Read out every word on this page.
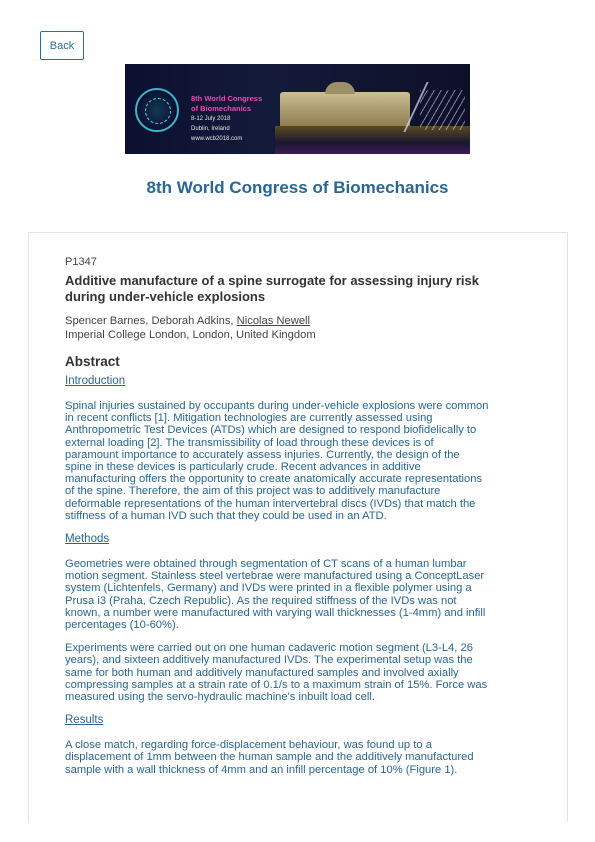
Back
8th World Congress
of Biomechanics
8-12 July 2018
Dublin, Ireland
www.wcb2018.com
8th World Congress of Biomechanics
P1347
Additive manufacture of a spine surrogate for assessing injury risk
during under-vehicle explosions
Spencer Barnes, Deborah Adkins, Nicolas Newell
Imperial College London, London, United Kingdom
Abstract
Introduction
Spinal injuries sustained by occupants during under-vehicle explosions were common
in recent conflicts [1]. Mitigation technologies are currently assessed using
Anthropometric Test Devices (ATDs) which are designed to respond biofidelically to
external loading [2]. The transmissibility of load through these devices is of
paramount importance to accurately assess injuries. Currently, the design of the
spine in these devices is particularly crude. Recent advances in additive
manufacturing offers the opportunity to create anatomically accurate representations
of the spine. Therefore, the aim of this project was to additively manufacture
deformable representations of the human intervertebral discs (IVDs) that match the
stiffness of a human IVD such that they could be used in an ATD.
Methods
Geometries were obtained through segmentation of CT scans of a human lumbar
motion segment. Stainless steel vertebrae were manufactured using a ConceptLaser
system (Lichtenfels, Germany) and IVDs were printed in a flexible polymer using a
Prusa i3 (Praha, Czech Republic). As the required stiffness of the IVDs was not
known, a number were manufactured with varying wall thicknesses (1-4mm) and infill
percentages (10-60%).
Experiments were carried out on one human cadaveric motion segment (L3-L4, 26
years), and sixteen additively manufactured IVDs. The experimental setup was the
same for both human and additively manufactured samples and involved axially
compressing samples at a strain rate of 0.1/s to a maximum strain of 15%. Force was
measured using the servo-hydraulic machine's inbuilt load cell.
Results
A close match, regarding force-displacement behaviour, was found up to a
displacement of 1mm between the human sample and the additively manufactured
sample with a wall thickness of 4mm and an infill percentage of 10% (Figure 1).
